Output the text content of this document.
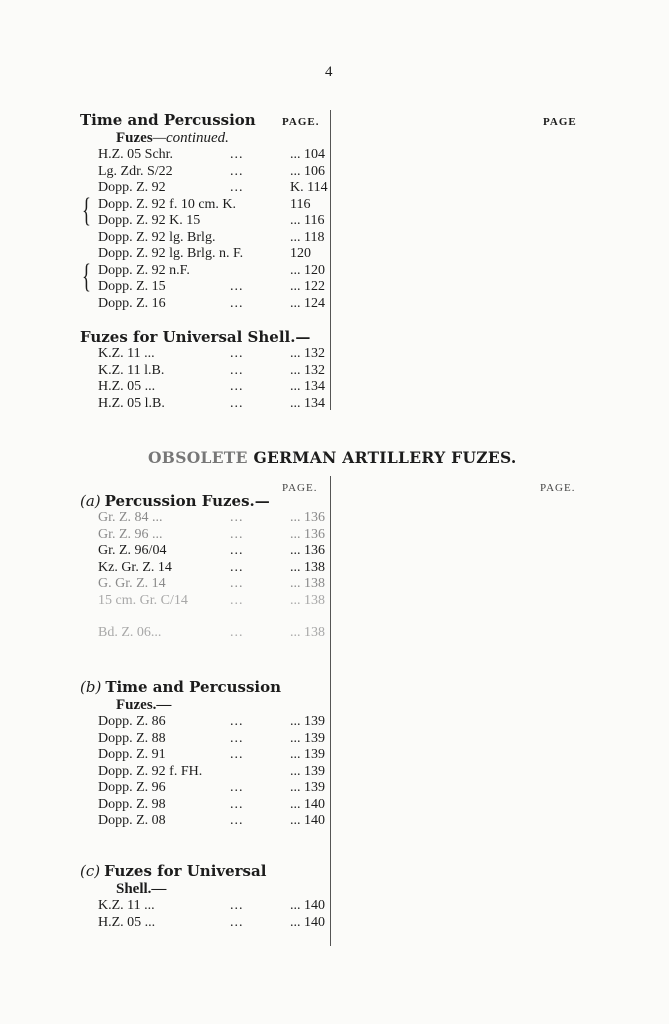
4
PAGE.	PAGE
Time and Percussion
Fuzes—continued.
H.Z. 05 Schr.	...	... 104
Lg. Zdr. S/22	...	... 106
Dopp. Z. 92	...	K. 114
Dopp. Z. 92 f. 10 cm. K.	116
Dopp. Z. 92 K. 15	... 116
Dopp. Z. 92 lg. Brlg.	... 118
Dopp. Z. 92 lg. Brlg. n. F.	120
Dopp. Z. 92 n.F.	... 120
Dopp. Z. 15	...	... 122
Dopp. Z. 16	...	... 124
{
{
Fuzes for Universal Shell.—
K.Z. 11 ...	...	... 132
K.Z. 11 l.B.	...	... 132
H.Z. 05 ...	...	... 134
H.Z. 05 l.B.	...	... 134
OBSOLETE GERMAN ARTILLERY FUZES.
PAGE.	PAGE.
(a) Percussion Fuzes.—
Gr. Z. 84 ...	...	... 136
Gr. Z. 96 ...	...	... 136
Gr. Z. 96/04	...	... 136
Kz. Gr. Z. 14	...	... 138
G. Gr. Z. 14	...	... 138
15 cm. Gr. C/14	...	... 138
Bd. Z. 06...	...	... 138
(b) Time and Percussion
Fuzes.—
Dopp. Z. 86	...	... 139
Dopp. Z. 88	...	... 139
Dopp. Z. 91	...	... 139
Dopp. Z. 92 f. FH.	... 139
Dopp. Z. 96	...	... 139
Dopp. Z. 98	...	... 140
Dopp. Z. 08	...	... 140
(c) Fuzes for Universal
Shell.—
K.Z. 11 ...	...	... 140
H.Z. 05 ...	...	... 140
